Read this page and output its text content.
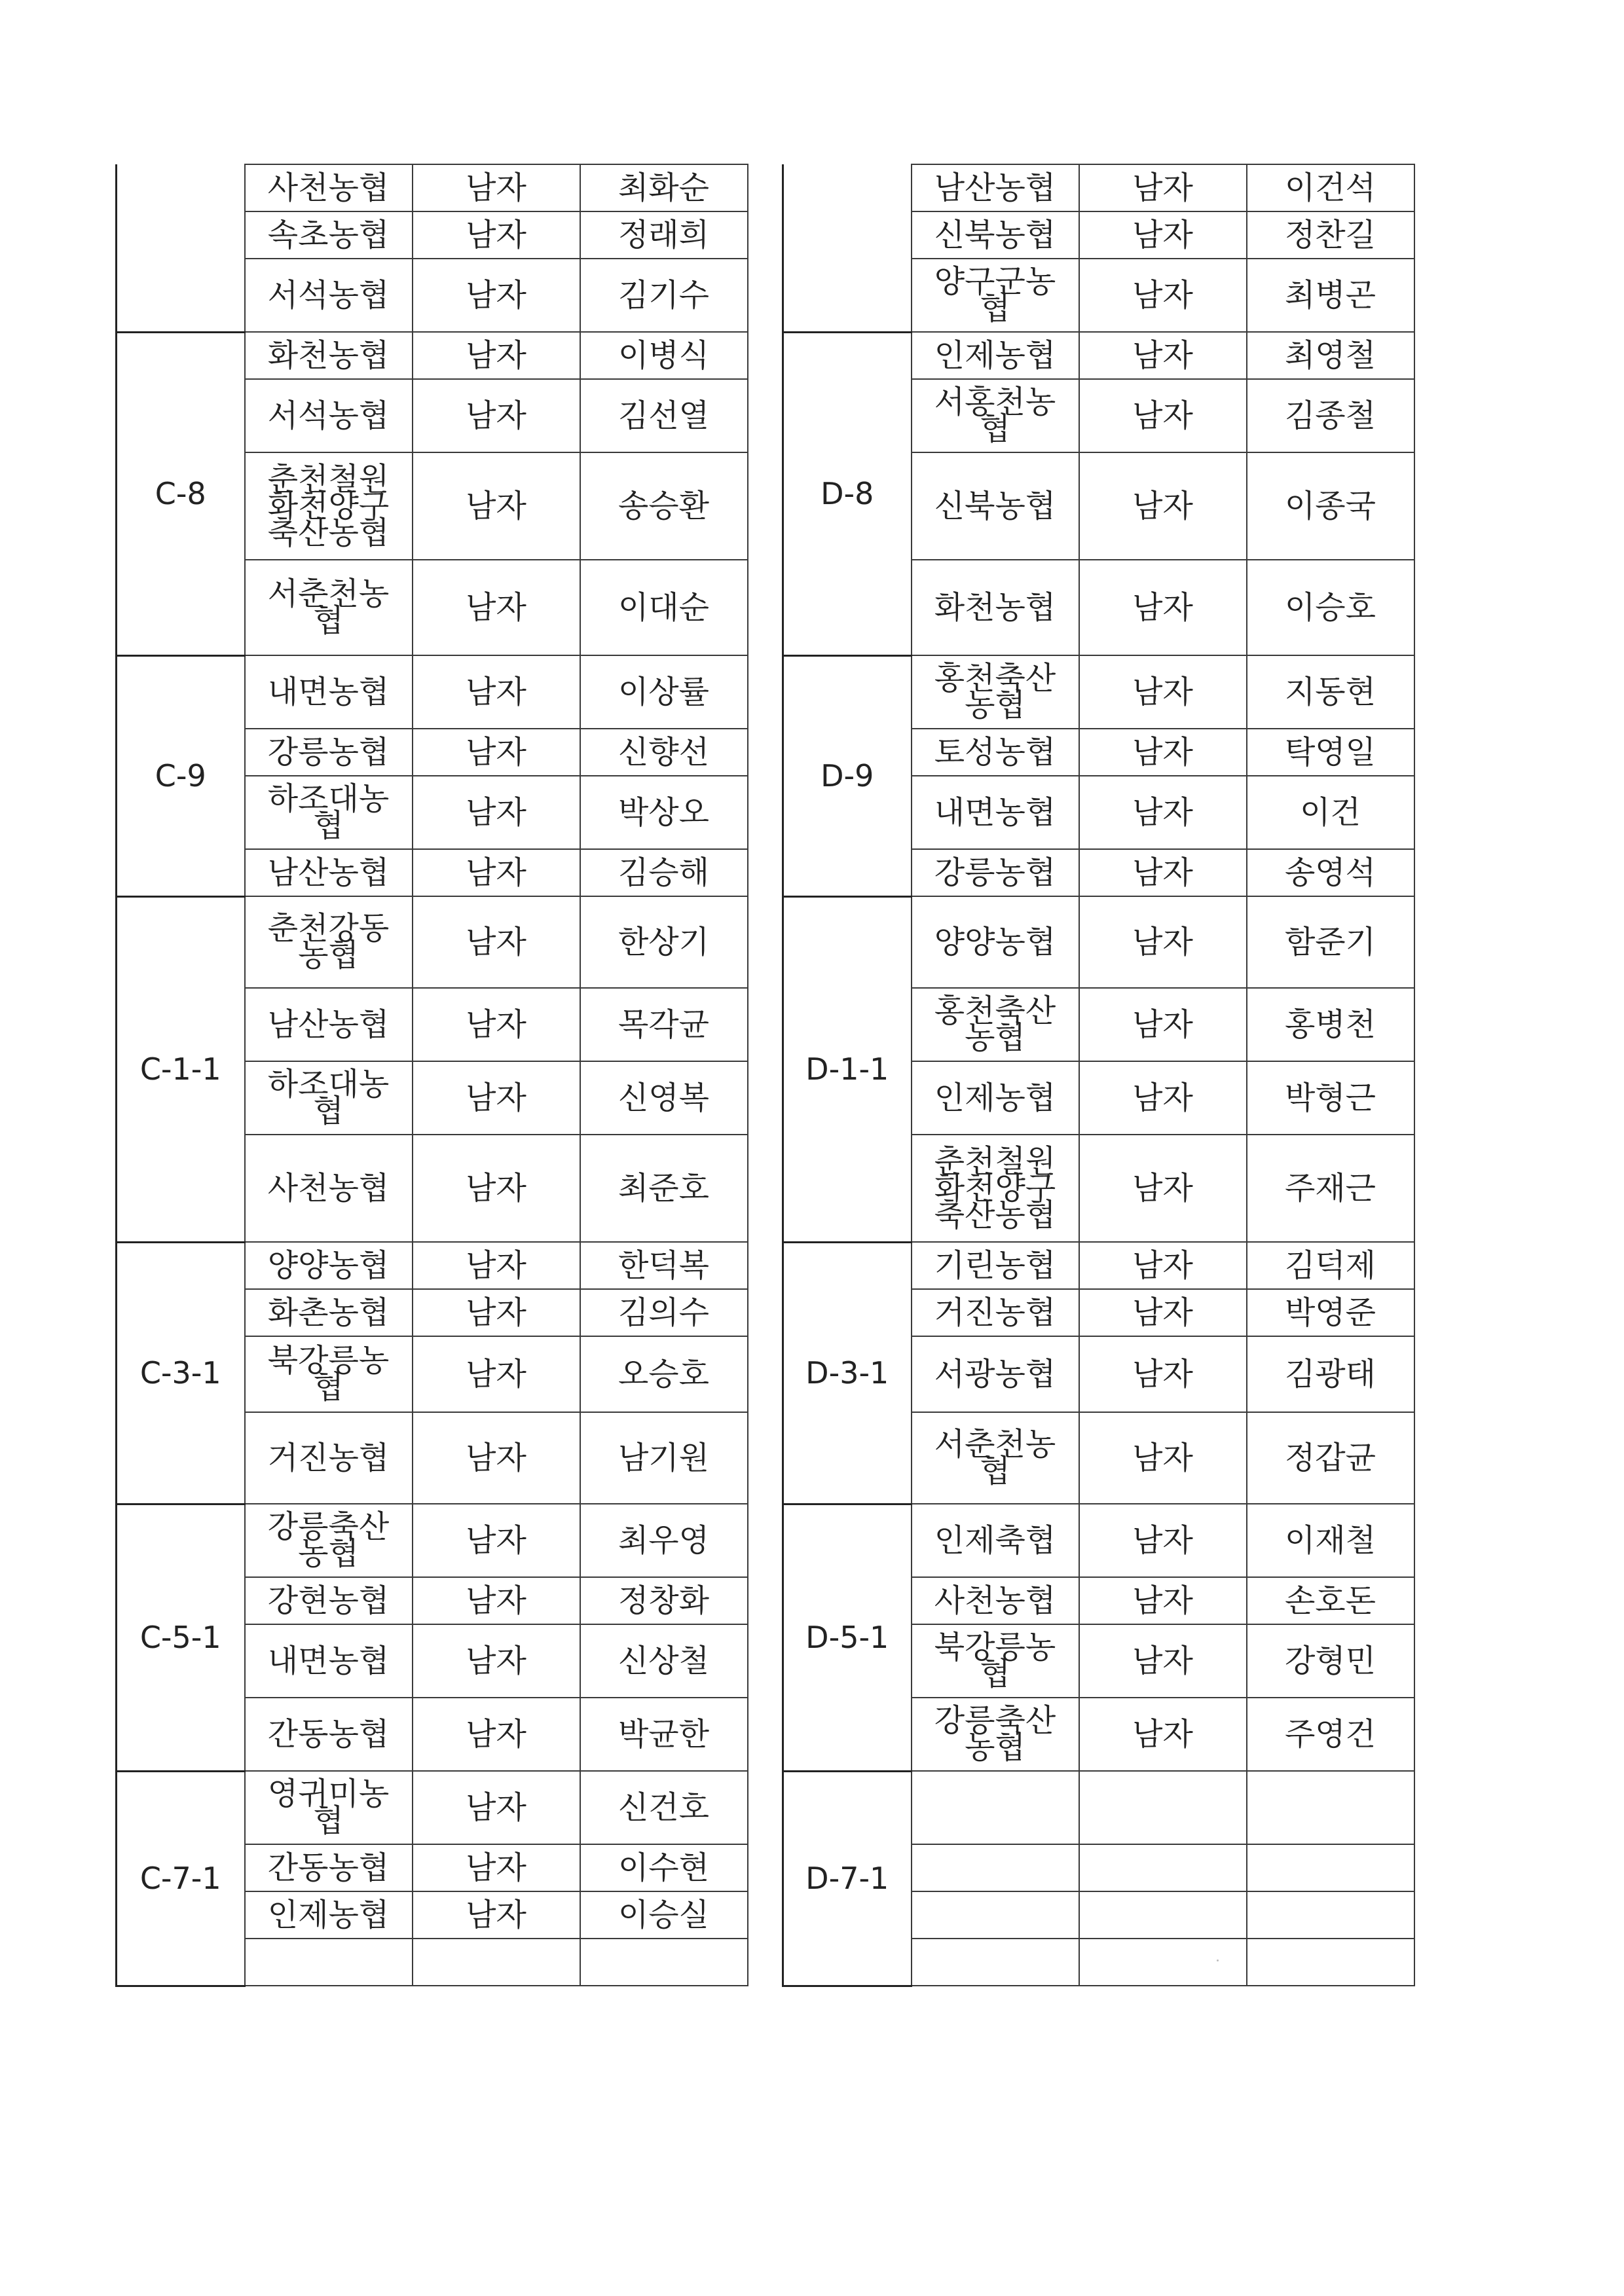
	사천농협	남자	최화순
	속초농협	남자	정래희
	서석농협	남자	김기수
C-8	화천농협	남자	이병식
	서석농협	남자	김선열
	춘천철원화천양구축산농협	남자	송승환
	서춘천농협	남자	이대순
C-9	내면농협	남자	이상률
	강릉농협	남자	신향선
	하조대농협	남자	박상오
	남산농협	남자	김승해
C-1-1	춘천강동농협	남자	한상기
	남산농협	남자	목각균
	하조대농협	남자	신영복
	사천농협	남자	최준호
C-3-1	양양농협	남자	한덕복
	화촌농협	남자	김의수
	북강릉농협	남자	오승호
	거진농협	남자	남기원
C-5-1	강릉축산농협	남자	최우영
	강현농협	남자	정창화
	내면농협	남자	신상철
	간동농협	남자	박균한
C-7-1	영귀미농협	남자	신건호
	간동농협	남자	이수현
	인제농협	남자	이승실

	남산농협	남자	이건석
	신북농협	남자	정찬길
	양구군농협	남자	최병곤
D-8	인제농협	남자	최영철
	서홍천농협	남자	김종철
	신북농협	남자	이종국
	화천농협	남자	이승호
D-9	홍천축산농협	남자	지동현
	토성농협	남자	탁영일
	내면농협	남자	이건
	강릉농협	남자	송영석
D-1-1	양양농협	남자	함준기
	홍천축산농협	남자	홍병천
	인제농협	남자	박형근
	춘천철원화천양구축산농협	남자	주재근
D-3-1	기린농협	남자	김덕제
	거진농협	남자	박영준
	서광농협	남자	김광태
	서춘천농협	남자	정갑균
D-5-1	인제축협	남자	이재철
	사천농협	남자	손호돈
	북강릉농협	남자	강형민
	강릉축산농협	남자	주영건
D-7-1			
